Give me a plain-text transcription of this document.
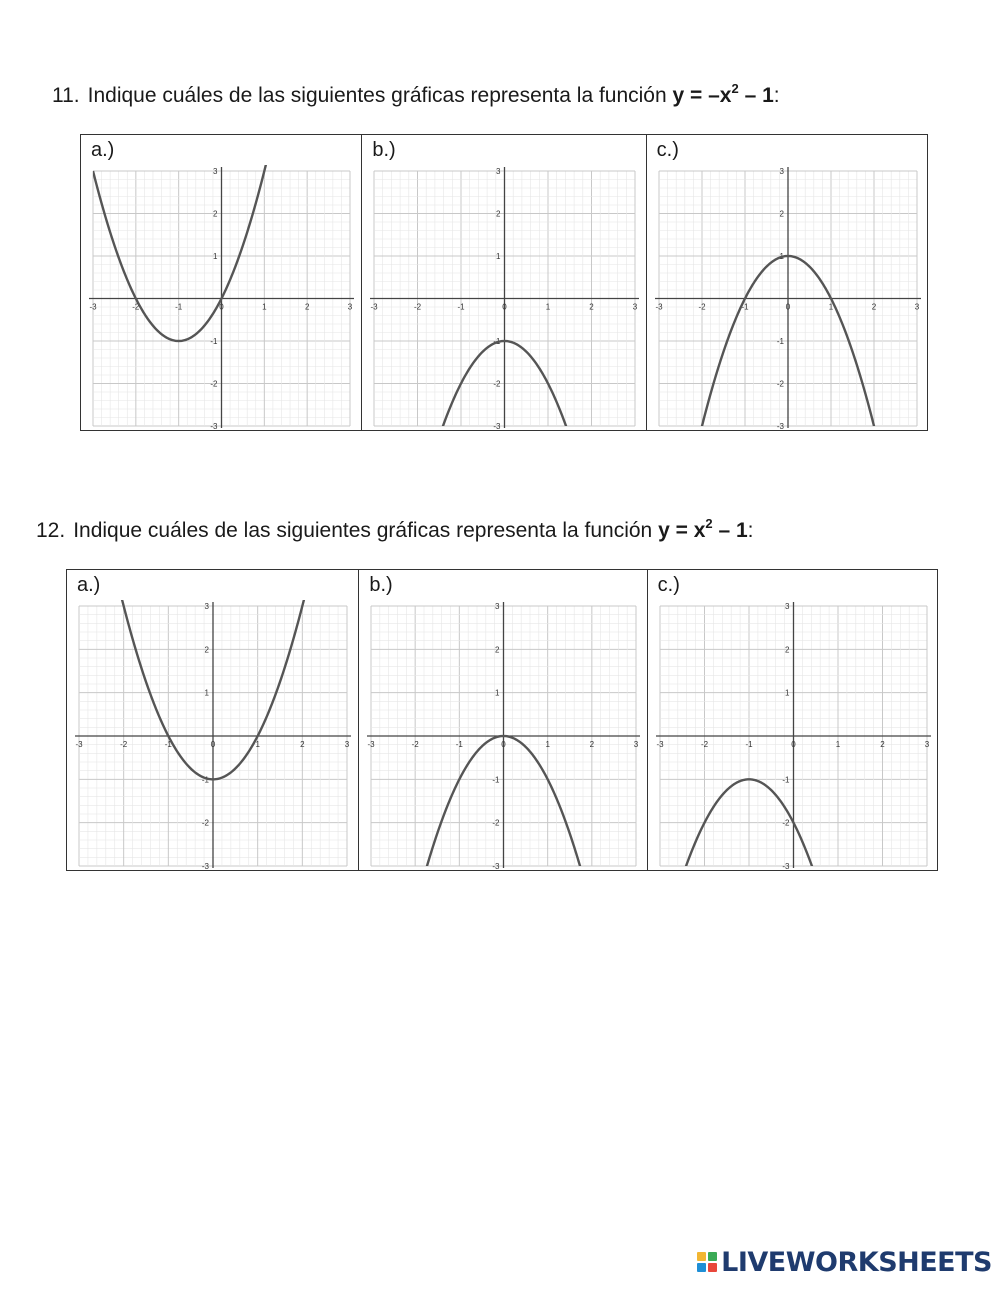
11. Indique cuáles de las siguientes gráficas representa la función $y = -x^2 - 1$:
a.)
-3	-2	-1	0	1	2	3
-3
-2
-1
1
2
3
b.)
-3	-2	-1	0	1	2	3
-3
-2
-1
1
2
3
c.)
-3	-2	-1	0	1	2	3
-3
-2
-1
1
2
3
12. Indique cuáles de las siguientes gráficas representa la función $y = x^2 - 1$:
a.)
-3	-2	-1	0	1	2	3
-3
-2
-1
1
2
3
b.)
-3	-2	-1	0	1	2	3
-3
-2
-1
1
2
3
c.)
-3	-2	-1	0	1	2	3
-3
-2
-1
1
2
3
LIVEWORKSHEETS
